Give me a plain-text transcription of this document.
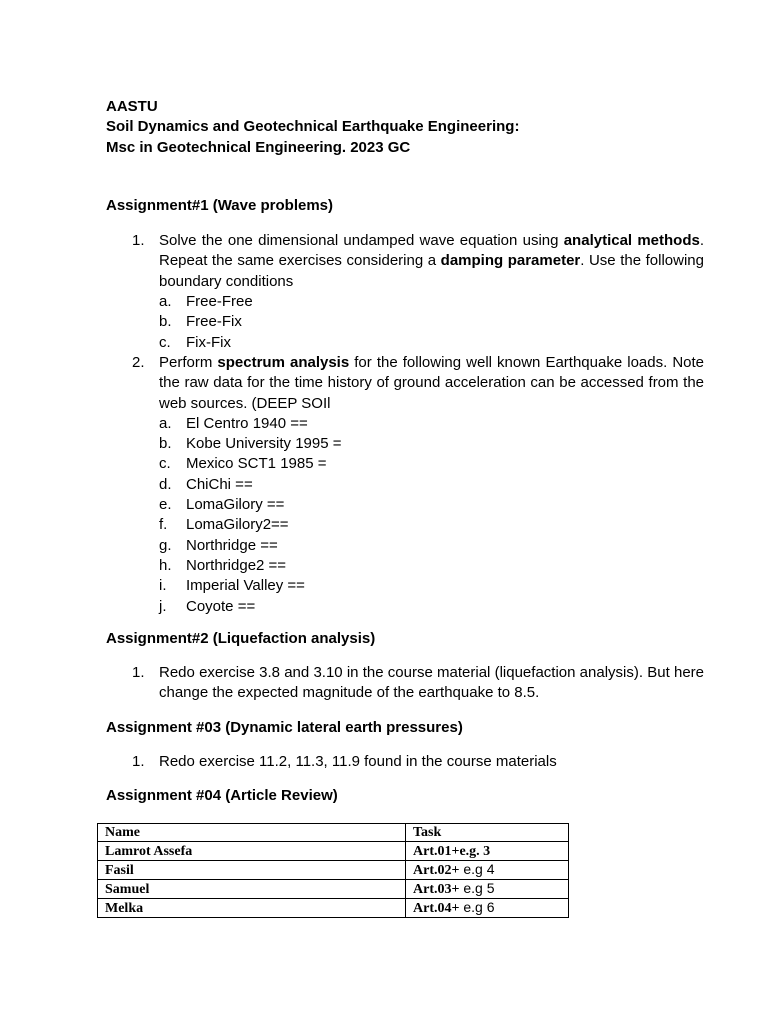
AASTU
Soil Dynamics and Geotechnical Earthquake Engineering:
Msc in Geotechnical Engineering. 2023 GC
Assignment#1 (Wave problems)
1. Solve the one dimensional undamped wave equation using analytical methods. Repeat the same exercises considering a damping parameter. Use the following boundary conditions
a. Free-Free
b. Free-Fix
c. Fix-Fix
2. Perform spectrum analysis for the following well known Earthquake loads. Note the raw data for the time history of ground acceleration can be accessed from the web sources. (DEEP SOIl
a. El Centro 1940 ==
b. Kobe University 1995 =
c. Mexico SCT1 1985 =
d. ChiChi ==
e. LomaGilory ==
f. LomaGilory2==
g. Northridge ==
h. Northridge2 ==
i. Imperial Valley ==
j. Coyote ==
Assignment#2 (Liquefaction analysis)
1. Redo exercise 3.8 and 3.10 in the course material (liquefaction analysis). But here change the expected magnitude of the earthquake to 8.5.
Assignment #03 (Dynamic lateral earth pressures)
1. Redo exercise 11.2, 11.3, 11.9 found in the course materials
Assignment #04 (Article Review)
Name	Task
Lamrot Assefa	Art.01+e.g. 3
Fasil	Art.02+ e.g 4
Samuel	Art.03+ e.g 5
Melka	Art.04+ e.g 6
